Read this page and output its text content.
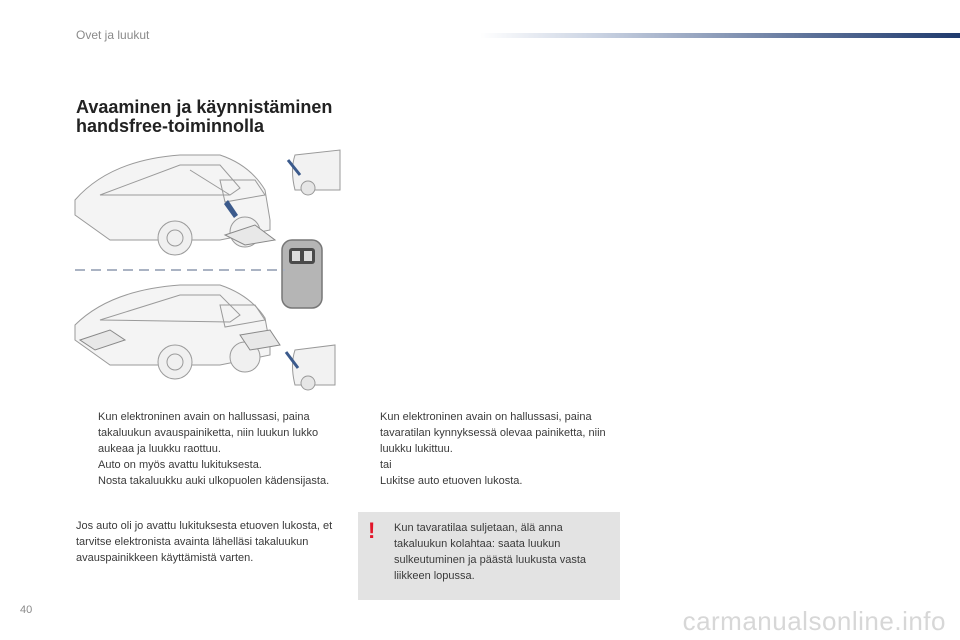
Ovet ja luukut
Avaaminen ja käynnistäminen
handsfree-toiminnolla

Kun elektroninen avain on hallussasi, paina takaluukun avauspainiketta, niin luukun lukko aukeaa ja luukku raottuu.

Auto on myös avattu lukituksesta.

Nosta takaluukku auki ulkopuolen kädensijasta.

Jos auto oli jo avattu lukituksesta etuoven lukosta, et tarvitse elektronista avainta lähelläsi takaluukun avauspainikkeen käyttämistä varten.

Kun elektroninen avain on hallussasi, paina tavaratilan kynnyksessä olevaa painiketta, niin luukku lukittuu.

tai

Lukitse auto etuoven lukosta.

! Kun tavaratilaa suljetaan, älä anna takaluukun kolahtaa: saata luukun sulkeutuminen ja päästä luukusta vasta liikkeen lopussa.
40	carmanualsonline.info
